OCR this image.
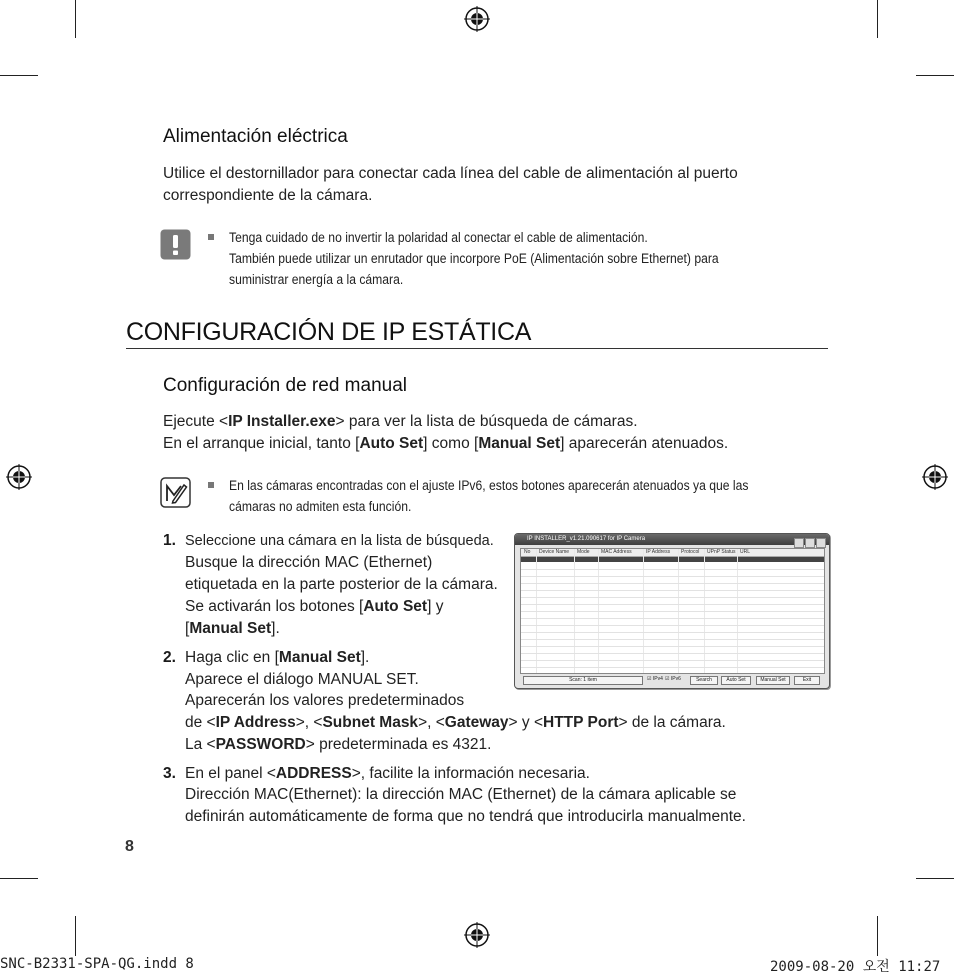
Alimentación eléctrica
Utilice el destornillador para conectar cada línea del cable de alimentación al puerto
correspondiente de la cámara.
Tenga cuidado de no invertir la polaridad al conectar el cable de alimentación.
También puede utilizar un enrutador que incorpore PoE (Alimentación sobre Ethernet) para
suministrar energía a la cámara.
CONFIGURACIÓN DE IP ESTÁTICA
Configuración de red manual
Ejecute <IP Installer.exe> para ver la lista de búsqueda de cámaras.
En el arranque inicial, tanto [Auto Set] como [Manual Set] aparecerán atenuados.
En las cámaras encontradas con el ajuste IPv6, estos botones aparecerán atenuados ya que las
cámaras no admiten esta función.
1. Seleccione una cámara en la lista de búsqueda.
Busque la dirección MAC (Ethernet)
etiquetada en la parte posterior de la cámara.
Se activarán los botones [Auto Set] y
[Manual Set].
2. Haga clic en [Manual Set].
Aparece el diálogo MANUAL SET.
Aparecerán los valores predeterminados
de <IP Address>, <Subnet Mask>, <Gateway> y <HTTP Port> de la cámara.
La <PASSWORD> predeterminada es 4321.
3. En el panel <ADDRESS>, facilite la información necesaria.
Dirección MAC(Ethernet): la dirección MAC (Ethernet) de la cámara aplicable se
definirán automáticamente de forma que no tendrá que introducirla manualmente.
IP INSTALLER_v1.21.090617 for IP Camera
No Device Name Mode MAC Address	IP Address Protocol UPnP Status URL
Scan: 1 item	☑ IPv4 ☑ IPv6	Search	Auto Set	Manual Set	Exit
8
SNC-B2331-SPA-QG.indd 8	2009-08-20 오전 11:27
